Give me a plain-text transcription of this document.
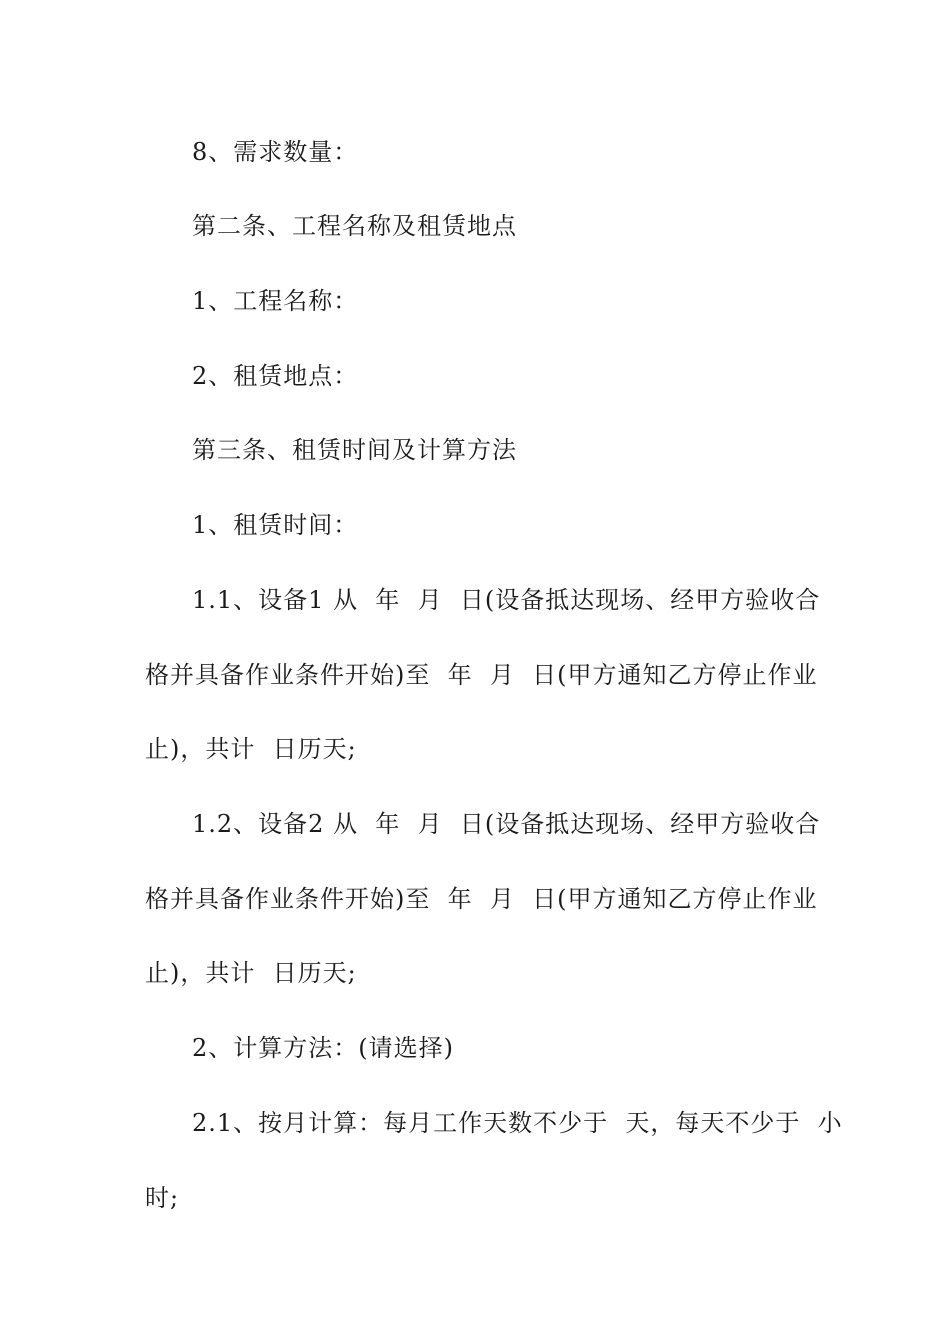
8、需求数量：
第二条、工程名称及租赁地点
1、工程名称：
2、租赁地点：
第三条、租赁时间及计算方法
1、租赁时间：
1.1、设备1 从  年  月  日(设备抵达现场、经甲方验收合
格并具备作业条件开始)至  年  月  日(甲方通知乙方停止作业
止)，共计  日历天;
1.2、设备2 从  年  月  日(设备抵达现场、经甲方验收合
格并具备作业条件开始)至  年  月  日(甲方通知乙方停止作业
止)，共计  日历天;
2、计算方法：(请选择)
2.1、按月计算：每月工作天数不少于  天，每天不少于  小
时;
